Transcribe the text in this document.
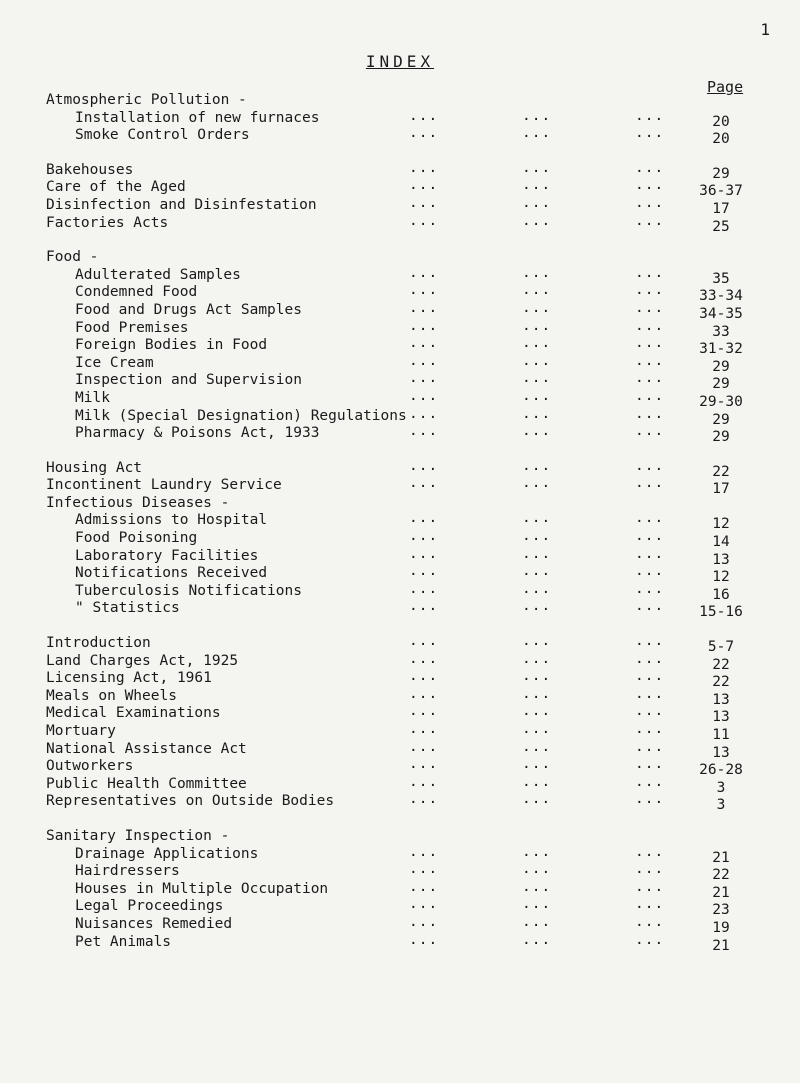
1
INDEX
Page
Atmospheric Pollution -
Installation of new furnaces	...	...	...	20
Smoke Control Orders	...	...	...	20
Bakehouses	...	...	...	29
Care of the Aged	...	...	...	36-37
Disinfection and Disinfestation	...	...	...	17
Factories Acts	...	...	...	25
Food -
Adulterated Samples	...	...	...	35
Condemned Food	...	...	...	33-34
Food and Drugs Act Samples	...	...	...	34-35
Food Premises	...	...	...	33
Foreign Bodies in Food	...	...	...	31-32
Ice Cream	...	...	...	29
Inspection and Supervision	...	...	...	29
Milk	...	...	...	29-30
Milk (Special Designation) Regulations ...	...	...	29
Pharmacy & Poisons Act, 1933	...	...	...	29
Housing Act	...	...	...	22
Incontinent Laundry Service	...	...	...	17
Infectious Diseases -
Admissions to Hospital	...	...	...	12
Food Poisoning	...	...	...	14
Laboratory Facilities	...	...	...	13
Notifications Received	...	...	...	12
Tuberculosis Notifications	...	...	...	16
" Statistics	...	...	...	15-16
Introduction	...	...	...	5-7
Land Charges Act, 1925	...	...	...	22
Licensing Act, 1961	...	...	...	22
Meals on Wheels	...	...	...	13
Medical Examinations	...	...	...	13
Mortuary	...	...	...	11
National Assistance Act	...	...	...	13
Outworkers	...	...	...	26-28
Public Health Committee	...	...	...	3
Representatives on Outside Bodies	...	...	...	3
Sanitary Inspection -
Drainage Applications	...	...	...	21
Hairdressers	...	...	...	22
Houses in Multiple Occupation	...	...	...	21
Legal Proceedings	...	...	...	23
Nuisances Remedied	...	...	...	19
Pet Animals	...	...	...	21
